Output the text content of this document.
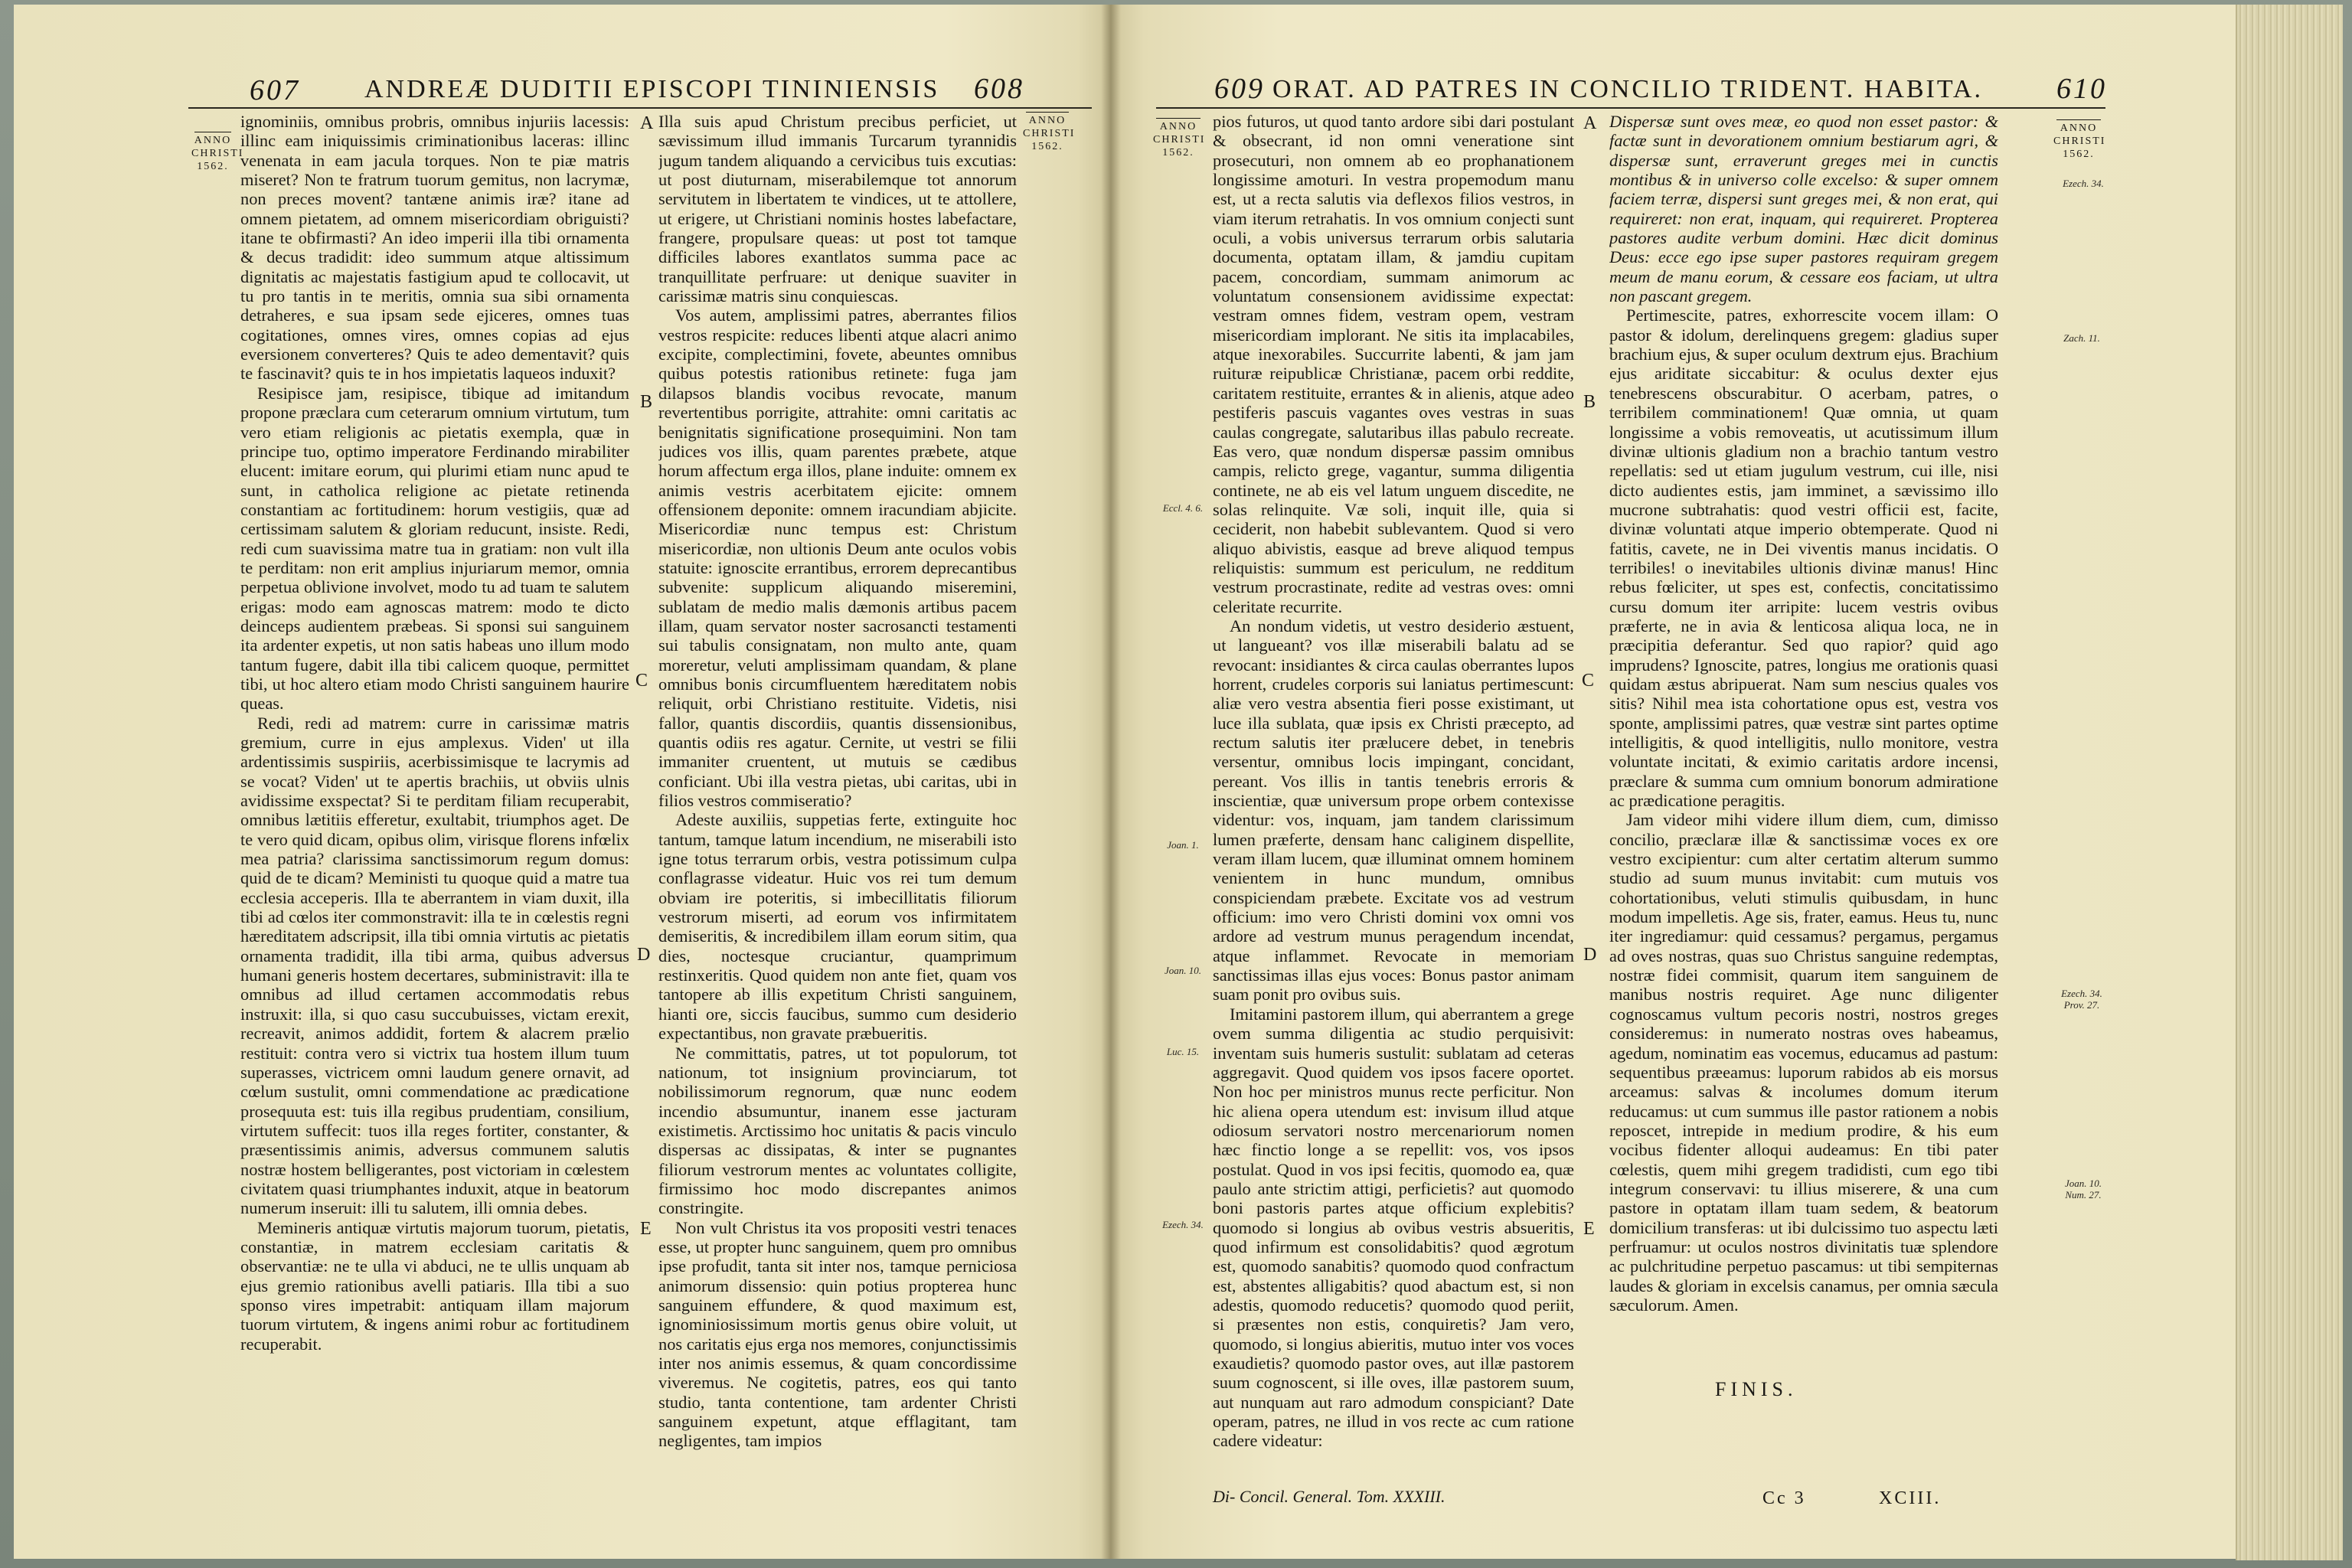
607 ANDREÆ DUDITII EPISCOPI TININIENSIS 608
ANNO
CHRISTI
1562.
ANNO
CHRISTI
1562.

ignominiis, omnibus probris, omnibus injuriis lacessis: illinc eam iniquissimis criminationibus laceras: illinc venenata in eam jacula torques. Non te piæ matris miseret? Non te fratrum tuorum gemitus, non lacrymæ, non preces movent? tantæne animis iræ? itane ad omnem pietatem, ad omnem misericordiam obriguisti? itane te obfirmasti? An ideo imperii illa tibi ornamenta & decus tradidit: ideo summum atque altissimum dignitatis ac majestatis fastigium apud te collocavit, ut tu pro tantis in te meritis, omnia sua sibi ornamenta detraheres, e sua ipsam sede ejiceres, omnes tuas cogitationes, omnes vires, omnes copias ad ejus eversionem converteres? Quis te adeo dementavit? quis te fascinavit? quis te in hos impietatis laqueos induxit?

Resipisce jam, resipisce, tibique ad imitandum propone præclara cum ceterarum omnium virtutum, tum vero etiam religionis ac pietatis exempla, quæ in principe tuo, optimo imperatore Ferdinando mirabiliter elucent: imitare eorum, qui plurimi etiam nunc apud te sunt, in catholica religione ac pietate retinenda constantiam ac fortitudinem: horum vestigiis, quæ ad certissimam salutem & gloriam reducunt, insiste. Redi, redi cum suavissima matre tua in gratiam: non vult illa te perditam: non erit amplius injuriarum memor, omnia perpetua oblivione involvet, modo tu ad tuam te salutem erigas: modo eam agnoscas matrem: modo te dicto deinceps audientem præbeas. Si sponsi sui sanguinem ita ardenter expetis, ut non satis habeas uno illum modo tantum fugere, dabit illa tibi calicem quoque, permittet tibi, ut hoc altero etiam modo Christi sanguinem haurire queas.

Redi, redi ad matrem: curre in carissimæ matris gremium, curre in ejus amplexus. Viden' ut illa ardentissimis suspiriis, acerbissimisque te lacrymis ad se vocat? Viden' ut te apertis brachiis, ut obviis ulnis avidissime exspectat? Si te perditam filiam recuperabit, omnibus lætitiis efferetur, exultabit, triumphos aget. De te vero quid dicam, opibus olim, virisque florens infœlix mea patria? clarissima sanctissimorum regum domus: quid de te dicam? Meministi tu quoque quid a matre tua ecclesia acceperis. Illa te aberrantem in viam duxit, illa tibi ad cœlos iter commonstravit: illa te in cœlestis regni hæreditatem adscripsit, illa tibi omnia virtutis ac pietatis ornamenta tradidit, illa tibi arma, quibus adversus humani generis hostem decertares, subministravit: illa te omnibus ad illud certamen accommodatis rebus instruxit: illa, si quo casu succubuisses, victam erexit, recreavit, animos addidit, fortem & alacrem prælio restituit: contra vero si victrix tua hostem illum tuum superasses, victricem omni laudum genere ornavit, ad cœlum sustulit, omni commendatione ac prædicatione prosequuta est: tuis illa regibus prudentiam, consilium, virtutem suffecit: tuos illa reges fortiter, constanter, & præsentissimis animis, adversus communem salutis nostræ hostem belligerantes, post victoriam in cœlestem civitatem quasi triumphantes induxit, atque in beatorum numerum inseruit: illi tu salutem, illi omnia debes.

Memineris antiquæ virtutis majorum tuorum, pietatis, constantiæ, in matrem ecclesiam caritatis & observantiæ: ne te ulla vi abduci, ne te ullis unquam ab ejus gremio rationibus avelli patiaris. Illa tibi a suo sponso vires impetrabit: antiquam illam majorum tuorum virtutem, & ingens animi robur ac fortitudinem recuperabit.

Illa suis apud Christum precibus perficiet, ut sævissimum illud immanis Turcarum tyrannidis jugum tandem aliquando a cervicibus tuis excutias: ut post diuturnam, miserabilemque tot annorum servitutem in libertatem te vindices, ut te attollere, ut erigere, ut Christiani nominis hostes labefactare, frangere, propulsare queas: ut post tot tamque difficiles labores exantlatos summa pace ac tranquillitate perfruare: ut denique suaviter in carissimæ matris sinu conquiescas.

Vos autem, amplissimi patres, aberrantes filios vestros respicite: reduces libenti atque alacri animo excipite, complectimini, fovete, abeuntes omnibus quibus potestis rationibus retinete: fuga jam dilapsos blandis vocibus revocate, manum revertentibus porrigite, attrahite: omni caritatis ac benignitatis significatione prosequimini. Non tam judices vos illis, quam parentes præbete, atque horum affectum erga illos, plane induite: omnem ex animis vestris acerbitatem ejicite: omnem offensionem deponite: omnem iracundiam abjicite. Misericordiæ nunc tempus est: Christum misericordiæ, non ultionis Deum ante oculos vobis statuite: ignoscite errantibus, errorem deprecantibus subvenite: supplicum aliquando miseremini, sublatam de medio malis dæmonis artibus pacem illam, quam servator noster sacrosancti testamenti sui tabulis consignatam, non multo ante, quam moreretur, veluti amplissimam quandam, & plane omnibus bonis circumfluentem hæreditatem nobis reliquit, orbi Christiano restituite. Videtis, nisi fallor, quantis discordiis, quantis dissensionibus, quantis odiis res agatur. Cernite, ut vestri se filii immaniter cruentent, ut mutuis se cædibus conficiant. Ubi illa vestra pietas, ubi caritas, ubi in filios vestros commiseratio?

Adeste auxiliis, suppetias ferte, extinguite hoc tantum, tamque latum incendium, ne miserabili isto igne totus terrarum orbis, vestra potissimum culpa conflagrasse videatur. Huic vos rei tum demum obviam ire poteritis, si imbecillitatis filiorum vestrorum miserti, ad eorum vos infirmitatem demiseritis, & incredibilem illam eorum sitim, qua dies, noctesque cruciantur, quamprimum restinxeritis. Quod quidem non ante fiet, quam vos tantopere ab illis expetitum Christi sanguinem, hianti ore, siccis faucibus, summo cum desiderio expectantibus, non gravate præbueritis.

Ne committatis, patres, ut tot populorum, tot nationum, tot insignium provinciarum, tot nobilissimorum regnorum, quæ nunc eodem incendio absumuntur, inanem esse jacturam existimetis. Arctissimo hoc unitatis & pacis vinculo dispersas ac dissipatas, & inter se pugnantes filiorum vestrorum mentes ac voluntates colligite, firmissimo hoc modo discrepantes animos constringite.

Non vult Christus ita vos propositi vestri tenaces esse, ut propter hunc sanguinem, quem pro omnibus ipse profudit, tanta sit inter nos, tamque perniciosa animorum dissensio: quin potius propterea hunc sanguinem effundere, & quod maximum est, ignominiosissimum mortis genus obire voluit, ut nos caritatis ejus erga nos memores, conjunctissimis inter nos animis essemus, & quam concordissime viveremus. Ne cogitetis, patres, eos qui tanto studio, tanta contentione, tam ardenter Christi sanguinem expetunt, atque efflagitant, tam negligentes, tam impios

B
C
D
E
A
609 ORAT. AD PATRES IN CONCILIO TRIDENT. HABITA.	610
ANNO
CHRISTI
1562.
ANNO
CHRISTI
1562.

pios futuros, ut quod tanto ardore sibi dari postulant & obsecrant, id non omni veneratione sint prosecuturi, non omnem ab eo prophanationem longissime amoturi. In vestra propemodum manu est, ut a recta salutis via deflexos filios vestros, in viam iterum retrahatis. In vos omnium conjecti sunt oculi, a vobis universus terrarum orbis salutaria documenta, optatam illam, & jamdiu cupitam pacem, concordiam, summam animorum ac voluntatum consensionem avidissime expectat: vestram omnes fidem, vestram opem, vestram misericordiam implorant. Ne sitis ita implacabiles, atque inexorabiles. Succurrite labenti, & jam jam ruituræ reipublicæ Christianæ, pacem orbi reddite, caritatem restituite, errantes & in alienis, atque adeo pestiferis pascuis vagantes oves vestras in suas caulas congregate, salutaribus illas pabulo recreate. Eas vero, quæ nondum dispersæ passim omnibus campis, relicto grege, vagantur, summa diligentia continete, ne ab eis vel latum unguem discedite, ne solas relinquite. Væ soli, inquit ille, quia si ceciderit, non habebit sublevantem. Quod si vero aliquo abivistis, easque ad breve aliquod tempus reliquistis: summum est periculum, ne redditum vestrum procrastinate, redite ad vestras oves: omni celeritate recurrite.

An nondum videtis, ut vestro desiderio æstuent, ut langueant? vos illæ miserabili balatu ad se revocant: insidiantes & circa caulas oberrantes lupos horrent, crudeles corporis sui laniatus pertimescunt: aliæ vero vestra absentia fieri posse existimant, ut luce illa sublata, quæ ipsis ex Christi præcepto, ad rectum salutis iter prælucere debet, in tenebris versentur, omnibus locis impingant, concidant, pereant. Vos illis in tantis tenebris erroris & inscientiæ, quæ universum prope orbem contexisse videntur: vos, inquam, jam tandem clarissimum lumen præferte, densam hanc caliginem dispellite, veram illam lucem, quæ illuminat omnem hominem venientem in hunc mundum, omnibus conspiciendam præbete. Excitate vos ad vestrum officium: imo vero Christi domini vox omni vos ardore ad vestrum munus peragendum incendat, atque inflammet. Revocate in memoriam sanctissimas illas ejus voces: Bonus pastor animam suam ponit pro ovibus suis.

Imitamini pastorem illum, qui aberrantem a grege ovem summa diligentia ac studio perquisivit: inventam suis humeris sustulit: sublatam ad ceteras aggregavit. Quod quidem vos ipsos facere oportet. Non hoc per ministros munus recte perficitur. Non hic aliena opera utendum est: invisum illud atque odiosum servatori nostro mercenariorum nomen hæc finctio longe a se repellit: vos, vos ipsos postulat. Quod in vos ipsi fecitis, quomodo ea, quæ paulo ante strictim attigi, perficietis? aut quomodo boni pastoris partes atque officium explebitis? quomodo si longius ab ovibus vestris absueritis, quod infirmum est consolidabitis? quod ægrotum est, quomodo sanabitis? quomodo quod confractum est, abstentes alligabitis? quod abactum est, si non adestis, quomodo reducetis? quomodo quod periit, si præsentes non estis, conquiretis? Jam vero, quomodo, si longius abieritis, mutuo inter vos voces exaudietis? quomodo pastor oves, aut illæ pastorem suum cognoscent, si ille oves, illæ pastorem suum, aut nunquam aut raro admodum conspiciant? Date operam, patres, ne illud in vos recte ac cum ratione cadere videatur:

Dispersæ sunt oves meæ, eo quod non esset pastor: & factæ sunt in devorationem omnium bestiarum agri, & dispersæ sunt, erraverunt greges mei in cunctis montibus & in universo colle excelso: & super omnem faciem terræ, dispersi sunt greges mei, & non erat, qui requireret: non erat, inquam, qui requireret. Propterea pastores audite verbum domini. Hæc dicit dominus Deus: ecce ego ipse super pastores requiram gregem meum de manu eorum, & cessare eos faciam, ut ultra non pascant gregem.

Pertimescite, patres, exhorrescite vocem illam: O pastor & idolum, derelinquens gregem: gladius super brachium ejus, & super oculum dextrum ejus. Brachium ejus ariditate siccabitur: & oculus dexter ejus tenebrescens obscurabitur. O acerbam, patres, o terribilem comminationem! Quæ omnia, ut quam longissime a vobis removeatis, ut acutissimum illum divinæ ultionis gladium non a brachio tantum vestro repellatis: sed ut etiam jugulum vestrum, cui ille, nisi dicto audientes estis, jam imminet, a sævissimo illo mucrone subtrahatis: quod vestri officii est, facite, divinæ voluntati atque imperio obtemperate. Quod ni fatitis, cavete, ne in Dei viventis manus incidatis. O terribiles! o inevitabiles ultionis divinæ manus! Hinc rebus fœliciter, ut spes est, confectis, concitatissimo cursu domum iter arripite: lucem vestris ovibus præferte, ne in avia & lenticosa aliqua loca, ne in præcipitia deferantur. Sed quo rapior? quid ago imprudens? Ignoscite, patres, longius me orationis quasi quidam æstus abripuerat. Nam sum nescius quales vos sitis? Nihil mea ista cohortatione opus est, vestra vos sponte, amplissimi patres, quæ vestræ sint partes optime intelligitis, & quod intelligitis, nullo monitore, vestra voluntate incitati, & eximio caritatis ardore incensi, præclare & summa cum omnium bonorum admiratione ac prædicatione peragitis.

Jam videor mihi videre illum diem, cum, dimisso concilio, præclaræ illæ & sanctissimæ voces ex ore vestro excipientur: cum alter certatim alterum summo studio ad suum munus invitabit: cum mutuis vos cohortationibus, veluti stimulis quibusdam, in hunc modum impelletis. Age sis, frater, eamus. Heus tu, nunc iter ingrediamur: quid cessamus? pergamus, pergamus ad oves nostras, quas suo Christus sanguine redemptas, nostræ fidei commisit, quarum item sanguinem de manibus nostris requiret. Age nunc diligenter cognoscamus vultum pecoris nostri, nostros greges consideremus: in numerato nostras oves habeamus, agedum, nominatim eas vocemus, educamus ad pastum: sequentibus præeamus: luporum rabidos ab eis morsus arceamus: salvas & incolumes domum iterum reducamus: ut cum summus ille pastor rationem a nobis reposcet, intrepide in medium prodire, & his eum vocibus fidenter alloqui audeamus: En tibi pater cœlestis, quem mihi gregem tradidisti, cum ego tibi integrum conservavi: tu illius miserere, & una cum pastore in optatam illam tuam sedem, & beatorum domicilium transferas: ut ibi dulcissimo tuo aspectu læti perfruamur: ut oculos nostros divinitatis tuæ splendore ac pulchritudine perpetuo pascamus: ut tibi sempiternas laudes & gloriam in excelsis canamus, per omnia sæcula sæculorum. Amen.

A
B
C
D
E
Eccl. 4. 6.
Joan. 1.
Joan. 10.
Luc. 15.
Ezech. 34.
Ezech. 34.
Zach. 11.
Ezech. 34. Prov. 27.
Joan. 10. Num. 27.
FINIS.
Di- Concil. General. Tom. XXXIII.	Cc 3	XCIII.
